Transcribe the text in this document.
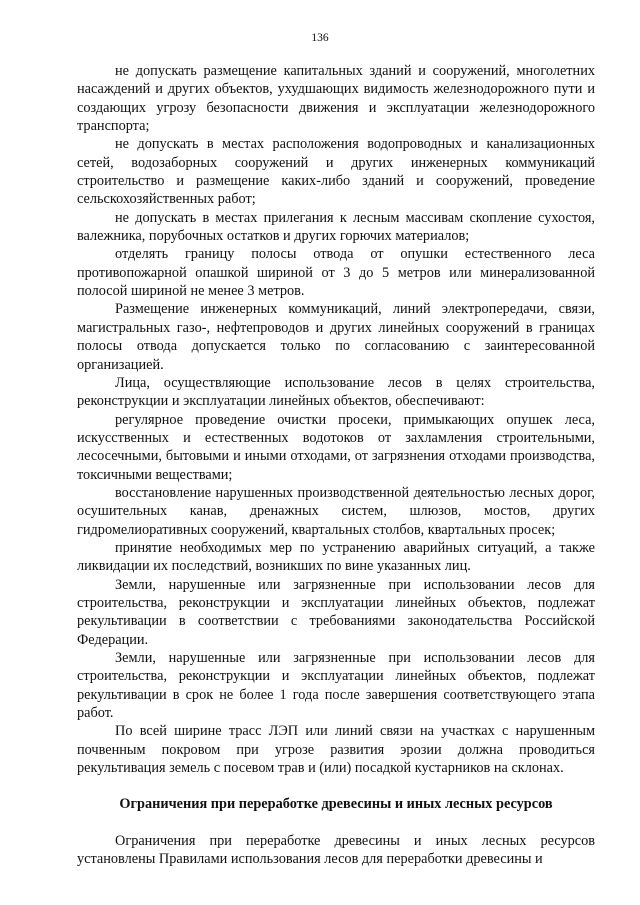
136

не допускать размещение капитальных зданий и сооружений, многолетних насаждений и других объектов, ухудшающих видимость железнодорожного пути и создающих угрозу безопасности движения и эксплуатации железнодорожного транспорта;

не допускать в местах расположения водопроводных и канализационных сетей, водозаборных сооружений и других инженерных коммуникаций строительство и размещение каких-либо зданий и сооружений, проведение сельскохозяйственных работ;

не допускать в местах прилегания к лесным массивам скопление сухостоя, валежника, порубочных остатков и других горючих материалов;

отделять границу полосы отвода от опушки естественного леса противопожарной опашкой шириной от 3 до 5 метров или минерализованной полосой шириной не менее 3 метров.

Размещение инженерных коммуникаций, линий электропередачи, связи, магистральных газо-, нефтепроводов и других линейных сооружений в границах полосы отвода допускается только по согласованию с заинтересованной организацией.

Лица, осуществляющие использование лесов в целях строительства, реконструкции и эксплуатации линейных объектов, обеспечивают:

регулярное проведение очистки просеки, примыкающих опушек леса, искусственных и естественных водотоков от захламления строительными, лесосечными, бытовыми и иными отходами, от загрязнения отходами производства, токсичными веществами;

восстановление нарушенных производственной деятельностью лесных дорог, осушительных канав, дренажных систем, шлюзов, мостов, других гидромелиоративных сооружений, квартальных столбов, квартальных просек;

принятие необходимых мер по устранению аварийных ситуаций, а также ликвидации их последствий, возникших по вине указанных лиц.

Земли, нарушенные или загрязненные при использовании лесов для строительства, реконструкции и эксплуатации линейных объектов, подлежат рекультивации в соответствии с требованиями законодательства Российской Федерации.

Земли, нарушенные или загрязненные при использовании лесов для строительства, реконструкции и эксплуатации линейных объектов, подлежат рекультивации в срок не более 1 года после завершения соответствующего этапа работ.

По всей ширине трасс ЛЭП или линий связи на участках с нарушенным почвенным покровом при угрозе развития эрозии должна проводиться рекультивация земель с посевом трав и (или) посадкой кустарников на склонах.

Ограничения при переработке древесины и иных лесных ресурсов

Ограничения при переработке древесины и иных лесных ресурсов установлены Правилами использования лесов для переработки древесины и
